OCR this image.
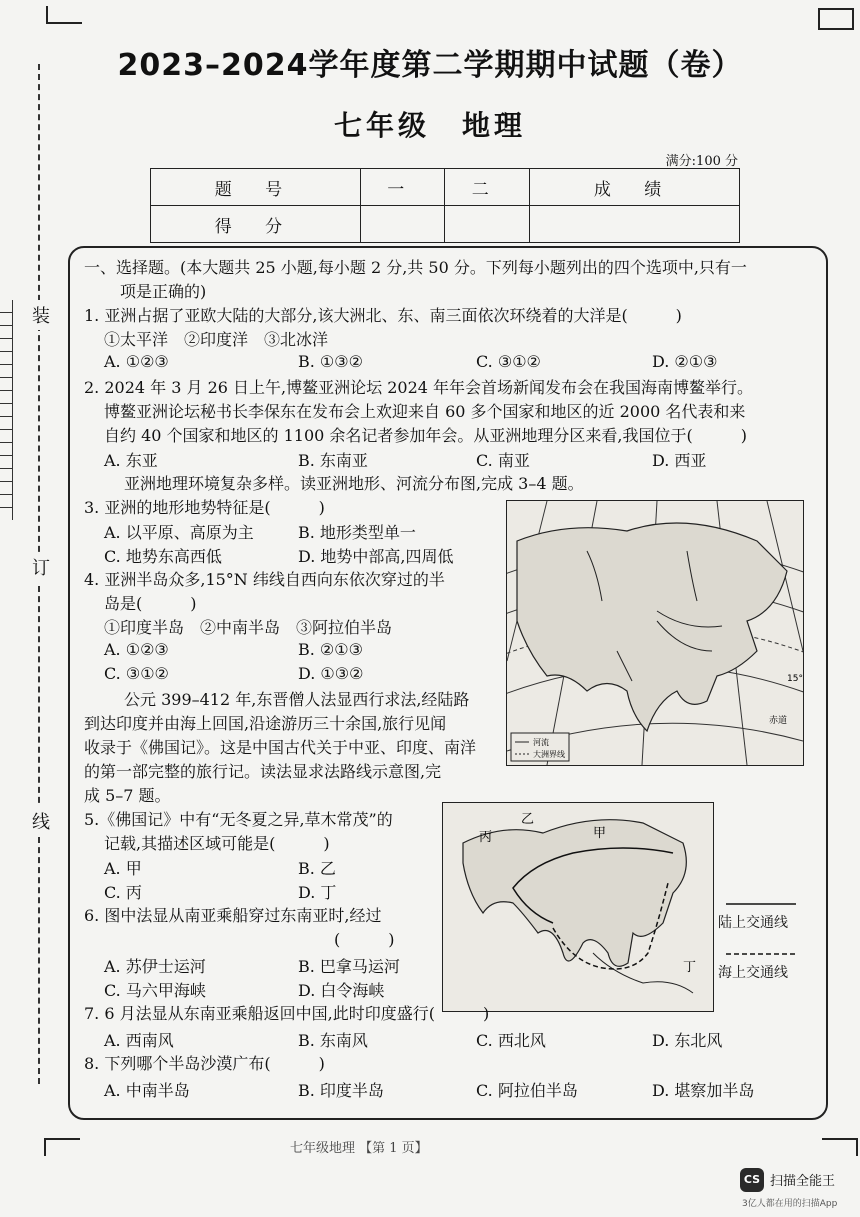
装
订
线
2023–2024学年度第二学期期中试题（卷）
七年级　地理
满分:100 分
题 号	一	二	成 绩
得 分			
一、选择题。(本大题共 25 小题,每小题 2 分,共 50 分。下列每小题列出的四个选项中,只有一
项是正确的)
1. 亚洲占据了亚欧大陆的大部分,该大洲北、东、南三面依次环绕着的大洋是(　　　)
①太平洋　②印度洋　③北冰洋
A. ①②③	B. ①③②	C. ③①②	D. ②①③
2. 2024 年 3 月 26 日上午,博鳌亚洲论坛 2024 年年会首场新闻发布会在我国海南博鳌举行。
博鳌亚洲论坛秘书长李保东在发布会上欢迎来自 60 多个国家和地区的近 2000 名代表和来
自约 40 个国家和地区的 1100 余名记者参加年会。从亚洲地理分区来看,我国位于(　　　)
A. 东亚	B. 东南亚	C. 南亚	D. 西亚
亚洲地理环境复杂多样。读亚洲地形、河流分布图,完成 3–4 题。
3. 亚洲的地形地势特征是(　　　)
A. 以平原、高原为主	B. 地形类型单一
C. 地势东高西低	D. 地势中部高,四周低
4. 亚洲半岛众多,15°N 纬线自西向东依次穿过的半
岛是(　　　)
①印度半岛　②中南半岛　③阿拉伯半岛
A. ①②③	B. ②①③
C. ③①②	D. ①③②	15°
赤道
河流
大洲界线
公元 399–412 年,东晋僧人法显西行求法,经陆路
到达印度并由海上回国,沿途游历三十余国,旅行见闻
收录于《佛国记》。这是中国古代关于中亚、印度、南洋
的第一部完整的旅行记。读法显求法路线示意图,完
成 5–7 题。
5.《佛国记》中有“无冬夏之异,草木常茂”的
记载,其描述区域可能是(　　　)
A. 甲	B. 乙
C. 丙	D. 丁
乙
甲
丙
丁
陆上交通线
海上交通线
6. 图中法显从南亚乘船穿过东南亚时,经过
(　　　)
A. 苏伊士运河	B. 巴拿马运河
C. 马六甲海峡	D. 白令海峡
7. 6 月法显从东南亚乘船返回中国,此时印度盛行(　　　)
A. 西南风	B. 东南风	C. 西北风	D. 东北风
8. 下列哪个半岛沙漠广布(　　　)
A. 中南半岛	B. 印度半岛	C. 阿拉伯半岛	D. 堪察加半岛
七年级地理 【第 1 页】
CS 扫描全能王
3亿人都在用的扫描App
